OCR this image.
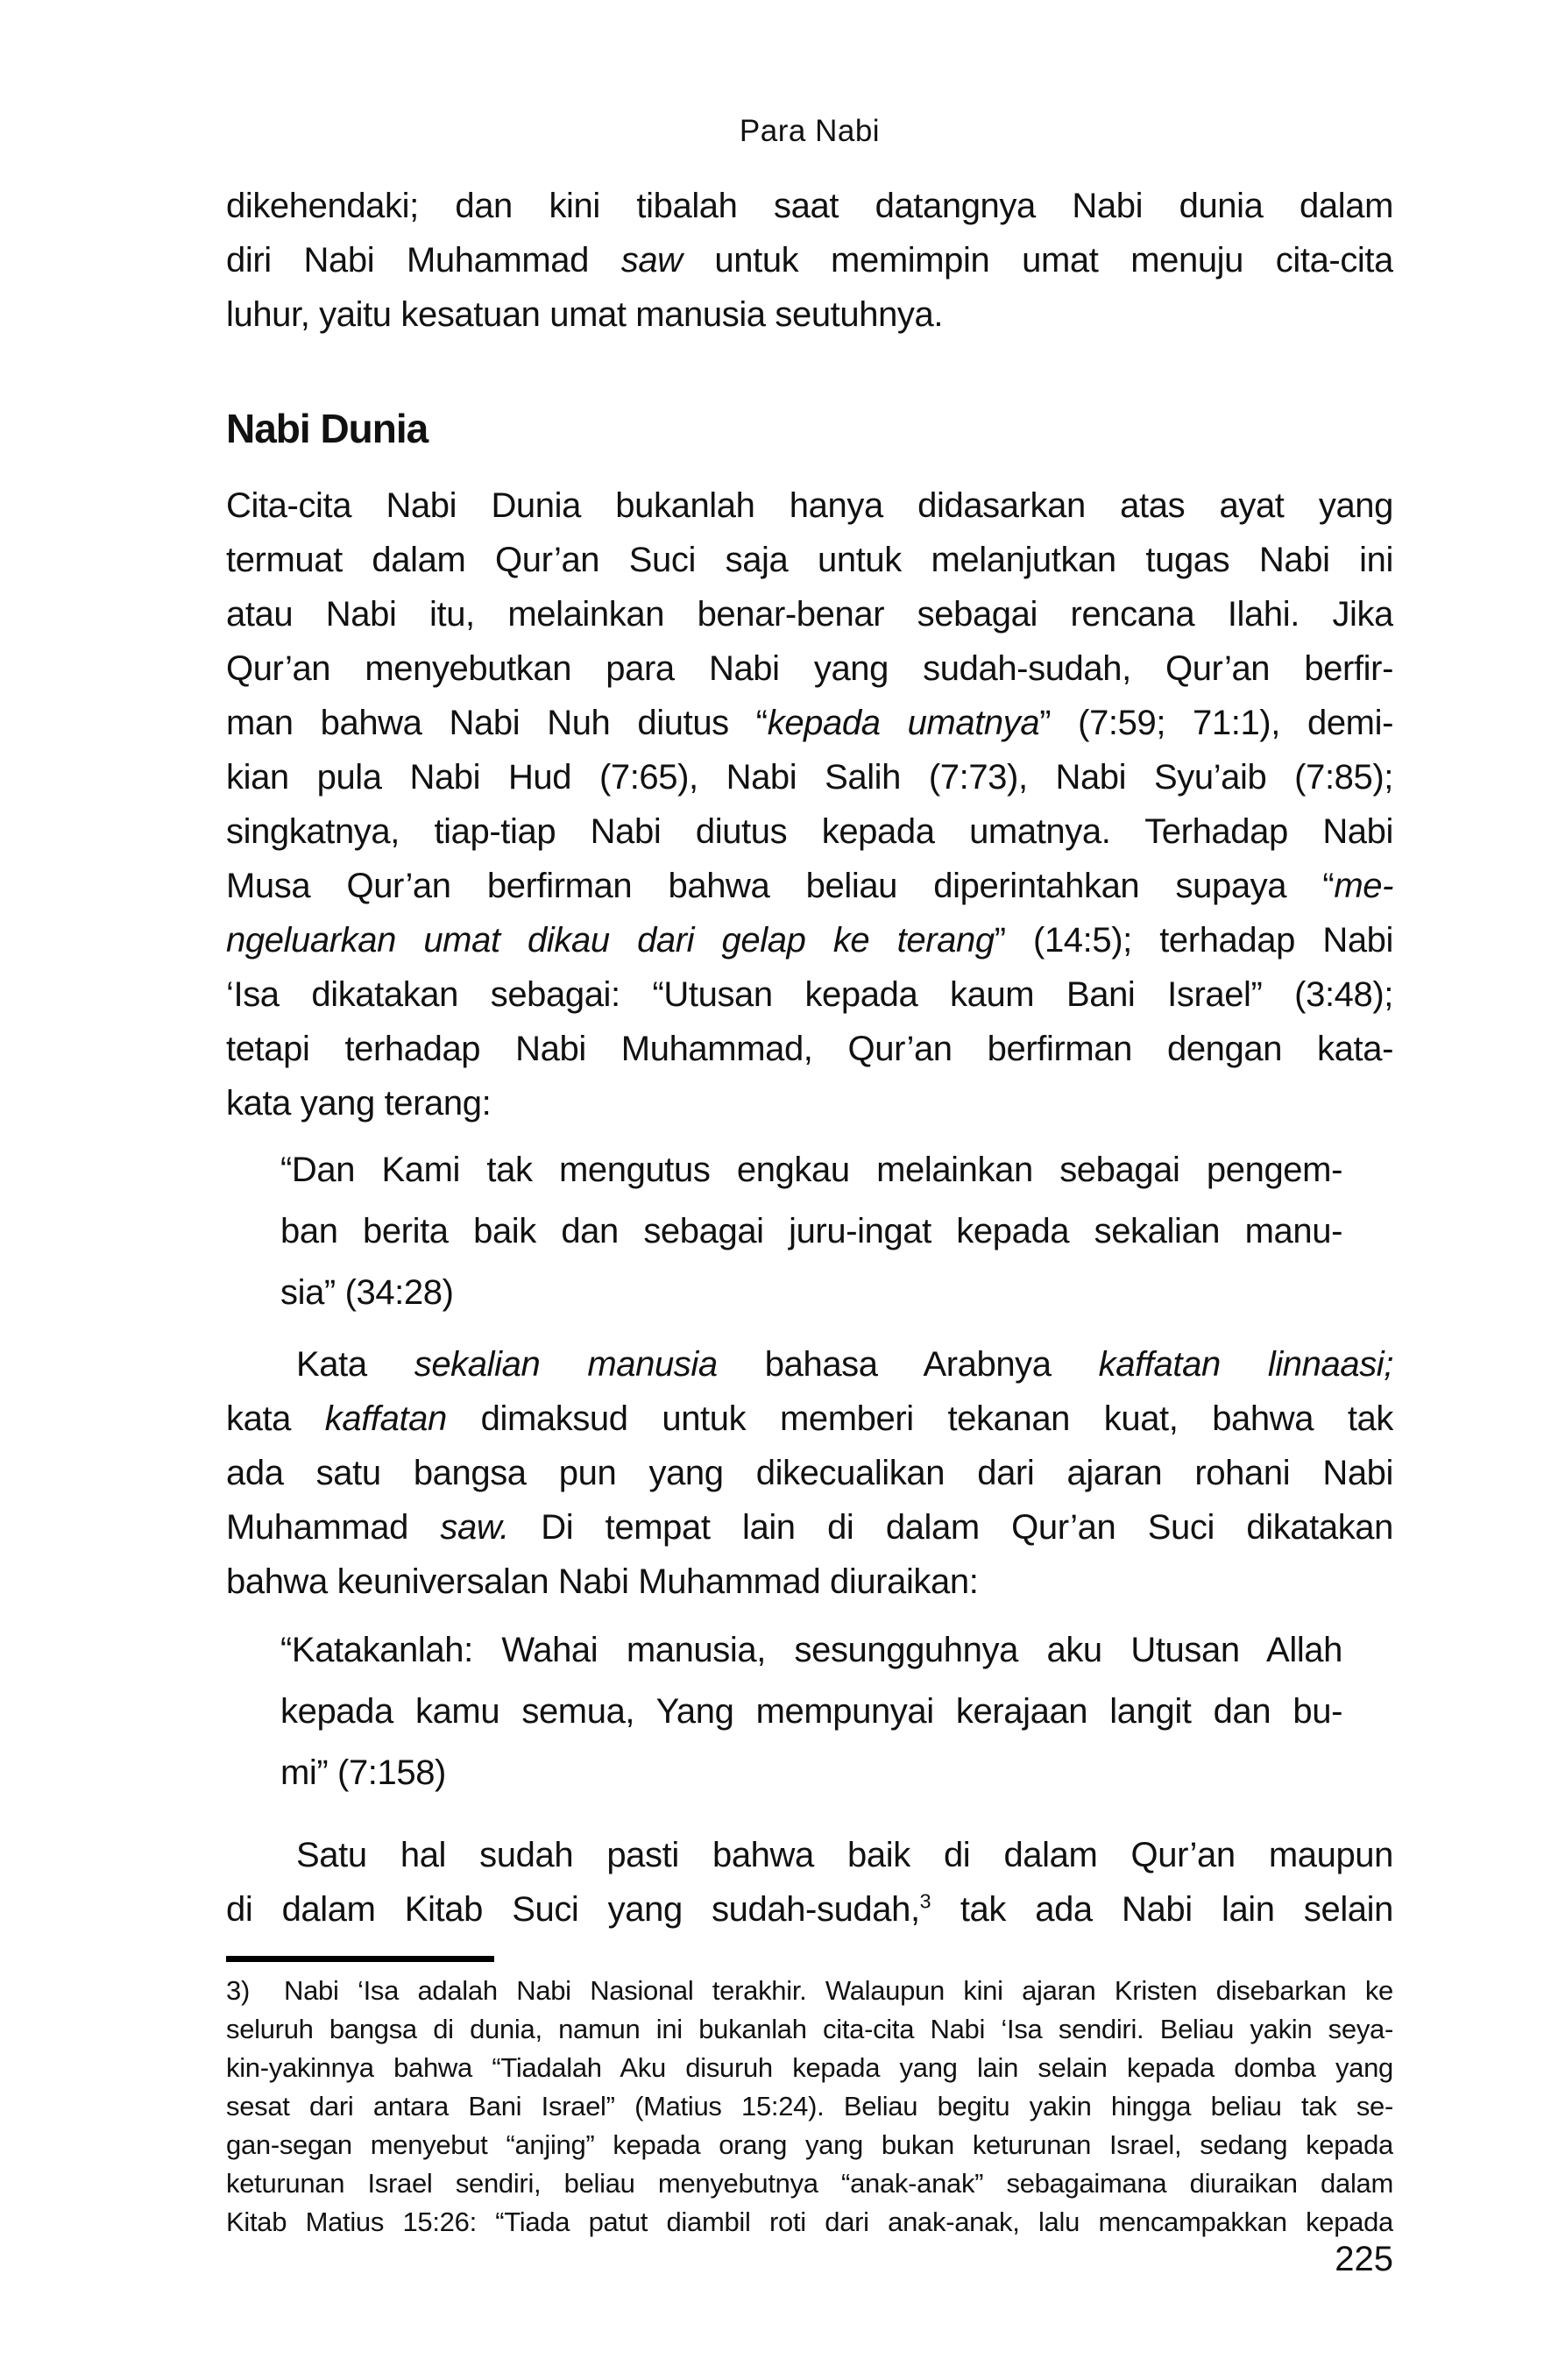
Para Nabi
dikehendaki; dan kini tibalah saat datangnya Nabi dunia dalam
diri Nabi Muhammad saw untuk memimpin umat menuju cita-cita
luhur, yaitu kesatuan umat manusia seutuhnya.
Nabi Dunia
Cita-cita Nabi Dunia bukanlah hanya didasarkan atas ayat yang
termuat dalam Qur’an Suci saja untuk melanjutkan tugas Nabi ini
atau Nabi itu, melainkan benar-benar sebagai rencana Ilahi. Jika
Qur’an menyebutkan para Nabi yang sudah-sudah, Qur’an berfir-
man bahwa Nabi Nuh diutus “kepada umatnya” (7:59; 71:1), demi-
kian pula Nabi Hud (7:65), Nabi Salih (7:73), Nabi Syu’aib (7:85);
singkatnya, tiap-tiap Nabi diutus kepada umatnya. Terhadap Nabi
Musa Qur’an berfirman bahwa beliau diperintahkan supaya “me-
ngeluarkan umat dikau dari gelap ke terang” (14:5); terhadap Nabi
‘Isa dikatakan sebagai: “Utusan kepada kaum Bani Israel” (3:48);
tetapi terhadap Nabi Muhammad, Qur’an berfirman dengan kata-
kata yang terang:
“Dan Kami tak mengutus engkau melainkan sebagai pengem-
ban berita baik dan sebagai juru-ingat kepada sekalian manu-
sia” (34:28)
Kata sekalian manusia bahasa Arabnya kaffatan linnaasi;
kata kaffatan dimaksud untuk memberi tekanan kuat, bahwa tak
ada satu bangsa pun yang dikecualikan dari ajaran rohani Nabi
Muhammad saw. Di tempat lain di dalam Qur’an Suci dikatakan
bahwa keuniversalan Nabi Muhammad diuraikan:
“Katakanlah: Wahai manusia, sesungguhnya aku Utusan Allah
kepada kamu semua, Yang mempunyai kerajaan langit dan bu-
mi” (7:158)
Satu hal sudah pasti bahwa baik di dalam Qur’an maupun
di dalam Kitab Suci yang sudah-sudah,$^3$ tak ada Nabi lain selain
3) Nabi ‘Isa adalah Nabi Nasional terakhir. Walaupun kini ajaran Kristen disebarkan ke
seluruh bangsa di dunia, namun ini bukanlah cita-cita Nabi ‘Isa sendiri. Beliau yakin seya-
kin-yakinnya bahwa “Tiadalah Aku disuruh kepada yang lain selain kepada domba yang
sesat dari antara Bani Israel” (Matius 15:24). Beliau begitu yakin hingga beliau tak se-
gan-segan menyebut “anjing” kepada orang yang bukan keturunan Israel, sedang kepada
keturunan Israel sendiri, beliau menyebutnya “anak-anak” sebagaimana diuraikan dalam
Kitab Matius 15:26: “Tiada patut diambil roti dari anak-anak, lalu mencampakkan kepada
225
